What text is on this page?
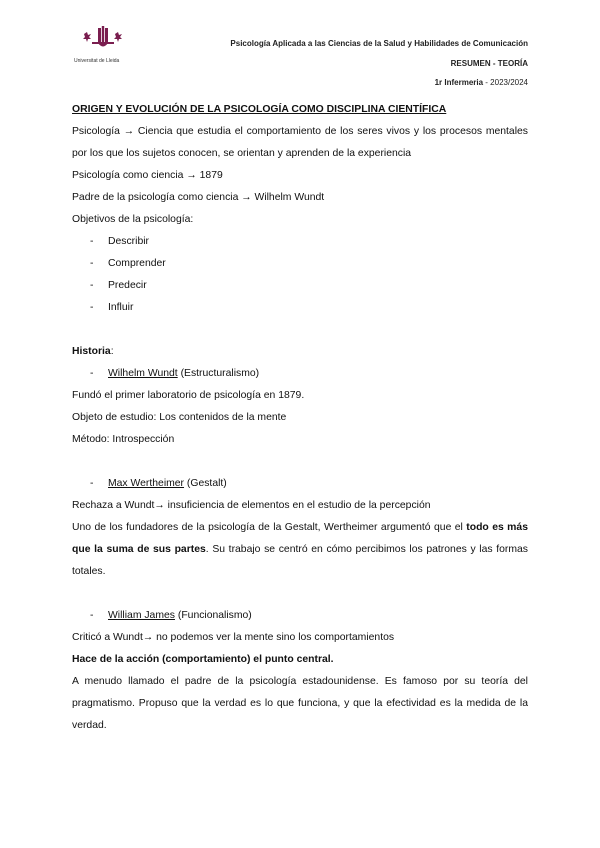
Universitat de Lleida
Psicología Aplicada a las Ciencias de la Salud y Habilidades de Comunicación
RESUMEN - TEORÍA
1r Infermeria - 2023/2024

ORIGEN Y EVOLUCIÓN DE LA PSICOLOGÍA COMO DISCIPLINA CIENTÍFICA

Psicología → Ciencia que estudia el comportamiento de los seres vivos y los procesos mentales por los que los sujetos conocen, se orientan y aprenden de la experiencia

Psicología como ciencia → 1879

Padre de la psicología como ciencia → Wilhelm Wundt

Objetivos de la psicología:

- Describir

- Comprender

- Predecir

- Influir

Historia:

- Wilhelm Wundt (Estructuralismo)

Fundó el primer laboratorio de psicología en 1879.

Objeto de estudio: Los contenidos de la mente

Método: Introspección

- Max Wertheimer (Gestalt)

Rechaza a Wundt→ insuficiencia de elementos en el estudio de la percepción

Uno de los fundadores de la psicología de la Gestalt, Wertheimer argumentó que el todo es más que la suma de sus partes. Su trabajo se centró en cómo percibimos los patrones y las formas totales.

- William James (Funcionalismo)

Criticó a Wundt→ no podemos ver la mente sino los comportamientos

Hace de la acción (comportamiento) el punto central.

A menudo llamado el padre de la psicología estadounidense. Es famoso por su teoría del pragmatismo. Propuso que la verdad es lo que funciona, y que la efectividad es la medida de la verdad.
